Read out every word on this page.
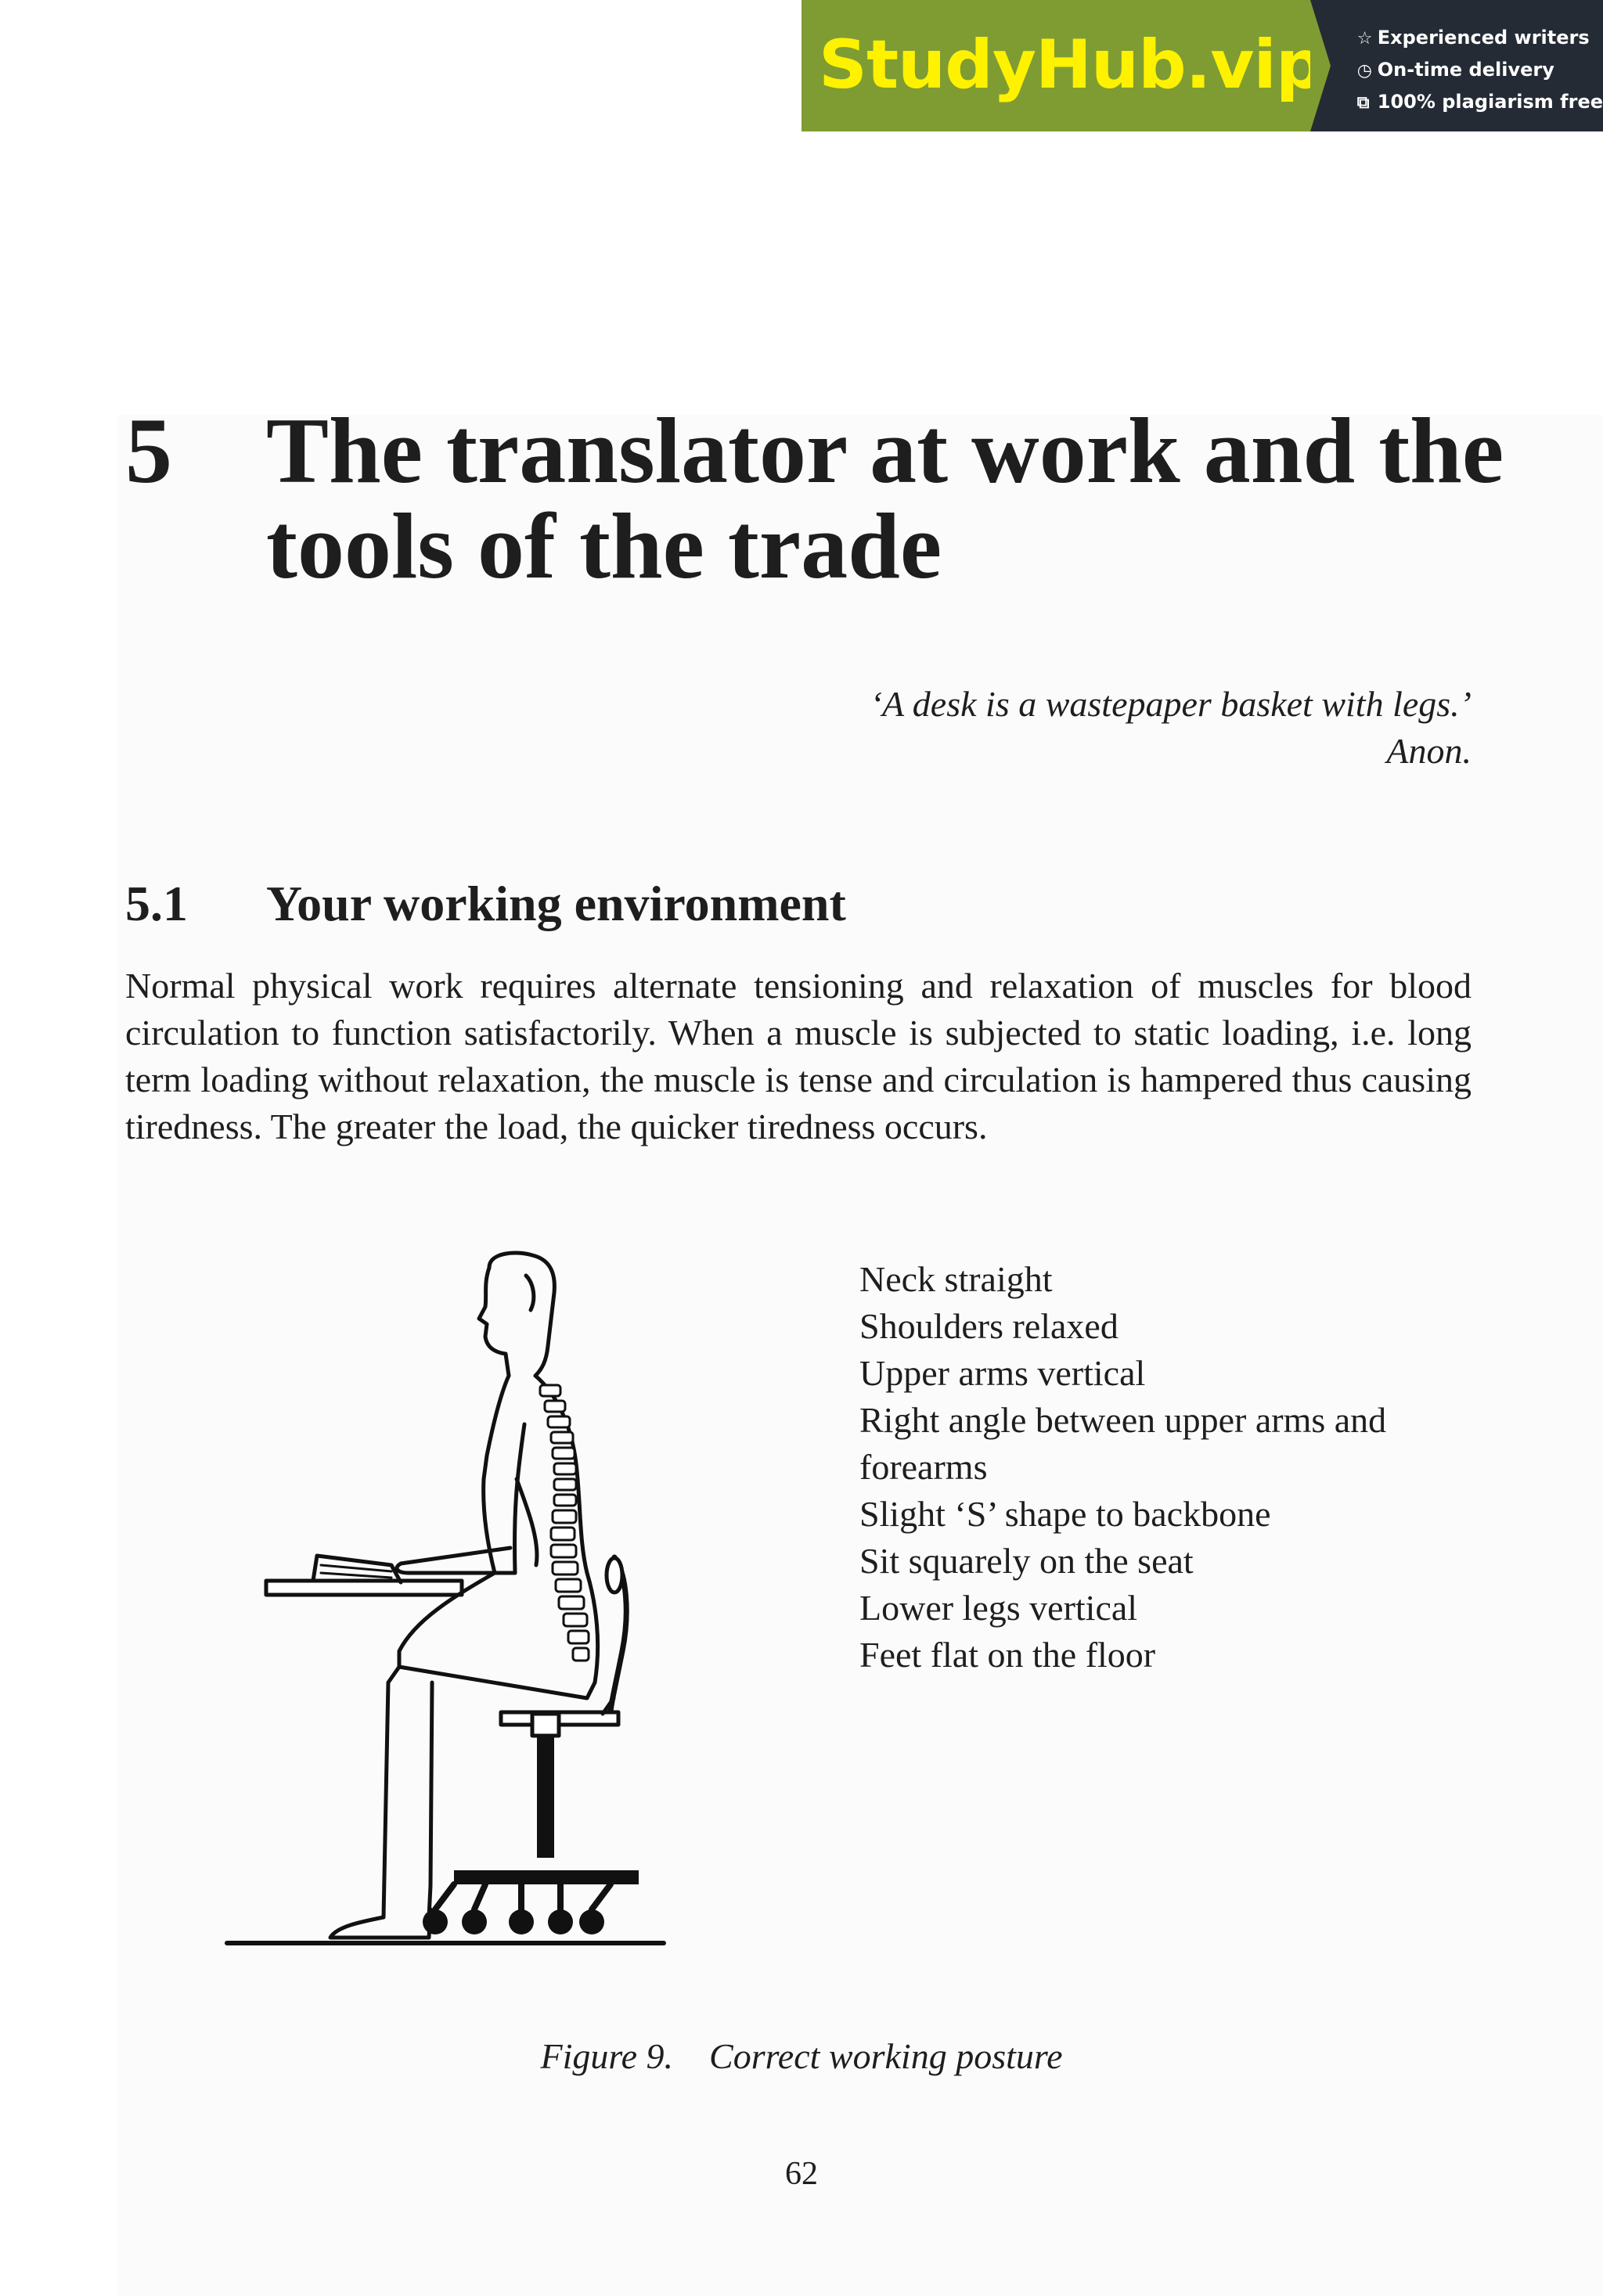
StudyHub.vip ☆ Experienced writers
◷ On-time delivery
⧉ 100% plagiarism free
5 The translator at work and the tools of the trade
‘A desk is a wastepaper basket with legs.’
Anon.
5.1 Your working environment

Normal physical work requires alternate tensioning and relaxation of muscles for blood circulation to function satisfactorily. When a muscle is subjected to static loading, i.e. long term loading without relaxation, the muscle is tense and circulation is hampered thus causing tiredness. The greater the load, the quicker tiredness occurs.

Neck straight
Shoulders relaxed
Upper arms vertical
Right angle between upper arms and forearms
Slight ‘S’ shape to backbone
Sit squarely on the seat
Lower legs vertical
Feet flat on the floor
Figure 9. Correct working posture
62
